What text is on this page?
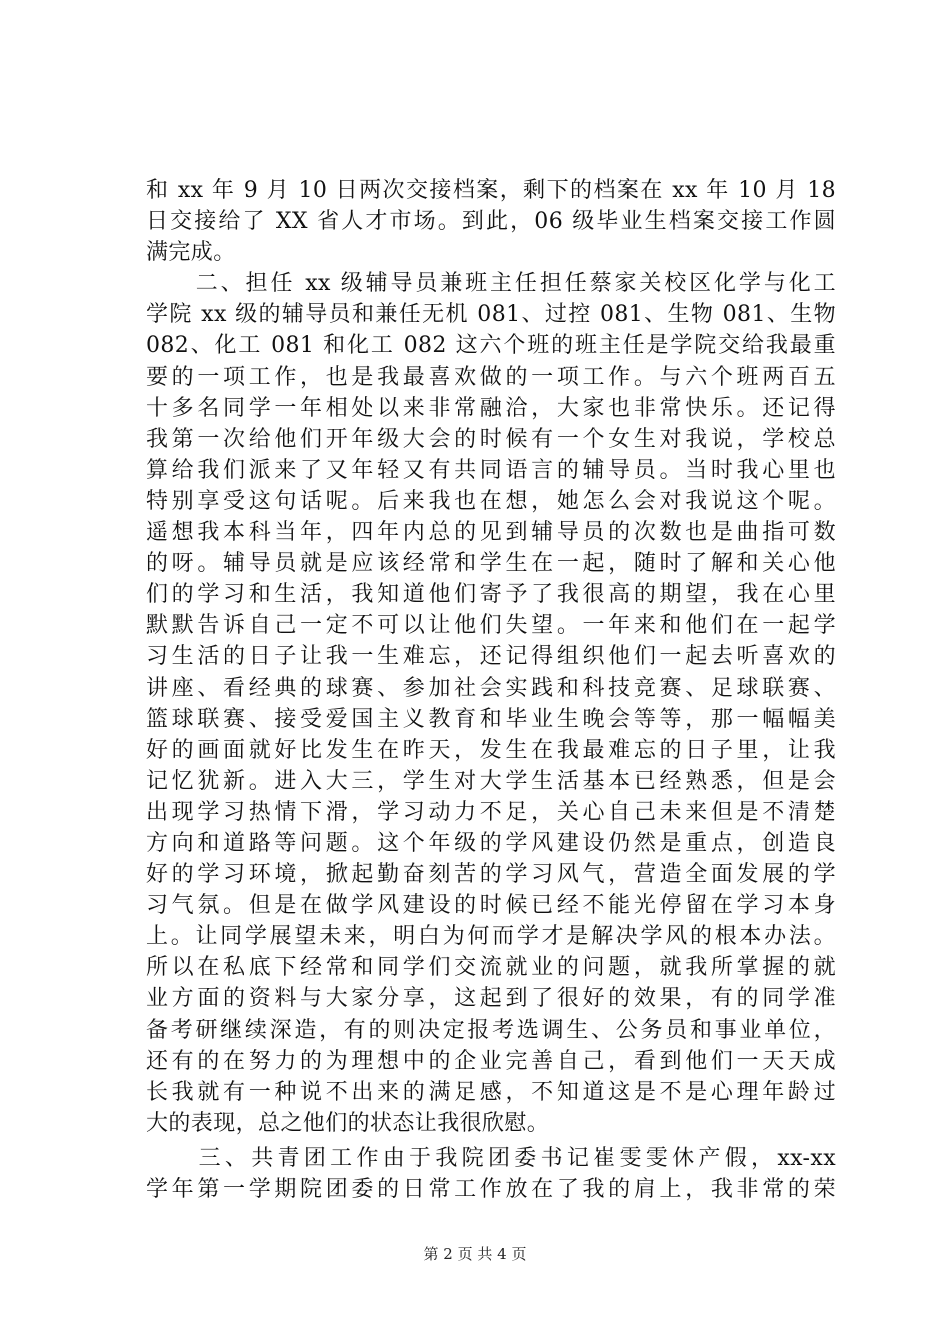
和 xx 年 9 月 10 日两次交接档案，剩下的档案在 xx 年 10 月 18
日交接给了 XX 省人才市场。到此，06 级毕业生档案交接工作圆
满完成。
　　二、担任 xx 级辅导员兼班主任担任蔡家关校区化学与化工
学院 xx 级的辅导员和兼任无机 081、过控 081、生物 081、生物
082、化工 081 和化工 082 这六个班的班主任是学院交给我最重
要的一项工作，也是我最喜欢做的一项工作。与六个班两百五
十多名同学一年相处以来非常融洽，大家也非常快乐。还记得
我第一次给他们开年级大会的时候有一个女生对我说，学校总
算给我们派来了又年轻又有共同语言的辅导员。当时我心里也
特别享受这句话呢。后来我也在想，她怎么会对我说这个呢。
遥想我本科当年，四年内总的见到辅导员的次数也是曲指可数
的呀。辅导员就是应该经常和学生在一起，随时了解和关心他
们的学习和生活，我知道他们寄予了我很高的期望，我在心里
默默告诉自己一定不可以让他们失望。一年来和他们在一起学
习生活的日子让我一生难忘，还记得组织他们一起去听喜欢的
讲座、看经典的球赛、参加社会实践和科技竞赛、足球联赛、
篮球联赛、接受爱国主义教育和毕业生晚会等等，那一幅幅美
好的画面就好比发生在昨天，发生在我最难忘的日子里，让我
记忆犹新。进入大三，学生对大学生活基本已经熟悉，但是会
出现学习热情下滑，学习动力不足，关心自己未来但是不清楚
方向和道路等问题。这个年级的学风建设仍然是重点，创造良
好的学习环境，掀起勤奋刻苦的学习风气，营造全面发展的学
习气氛。但是在做学风建设的时候已经不能光停留在学习本身
上。让同学展望未来，明白为何而学才是解决学风的根本办法。
所以在私底下经常和同学们交流就业的问题，就我所掌握的就
业方面的资料与大家分享，这起到了很好的效果，有的同学准
备考研继续深造，有的则决定报考选调生、公务员和事业单位，
还有的在努力的为理想中的企业完善自己，看到他们一天天成
长我就有一种说不出来的满足感，不知道这是不是心理年龄过
大的表现，总之他们的状态让我很欣慰。
　　三、共青团工作由于我院团委书记崔雯雯休产假，xx-xx
学年第一学期院团委的日常工作放在了我的肩上，我非常的荣
第 2 页 共 4 页
